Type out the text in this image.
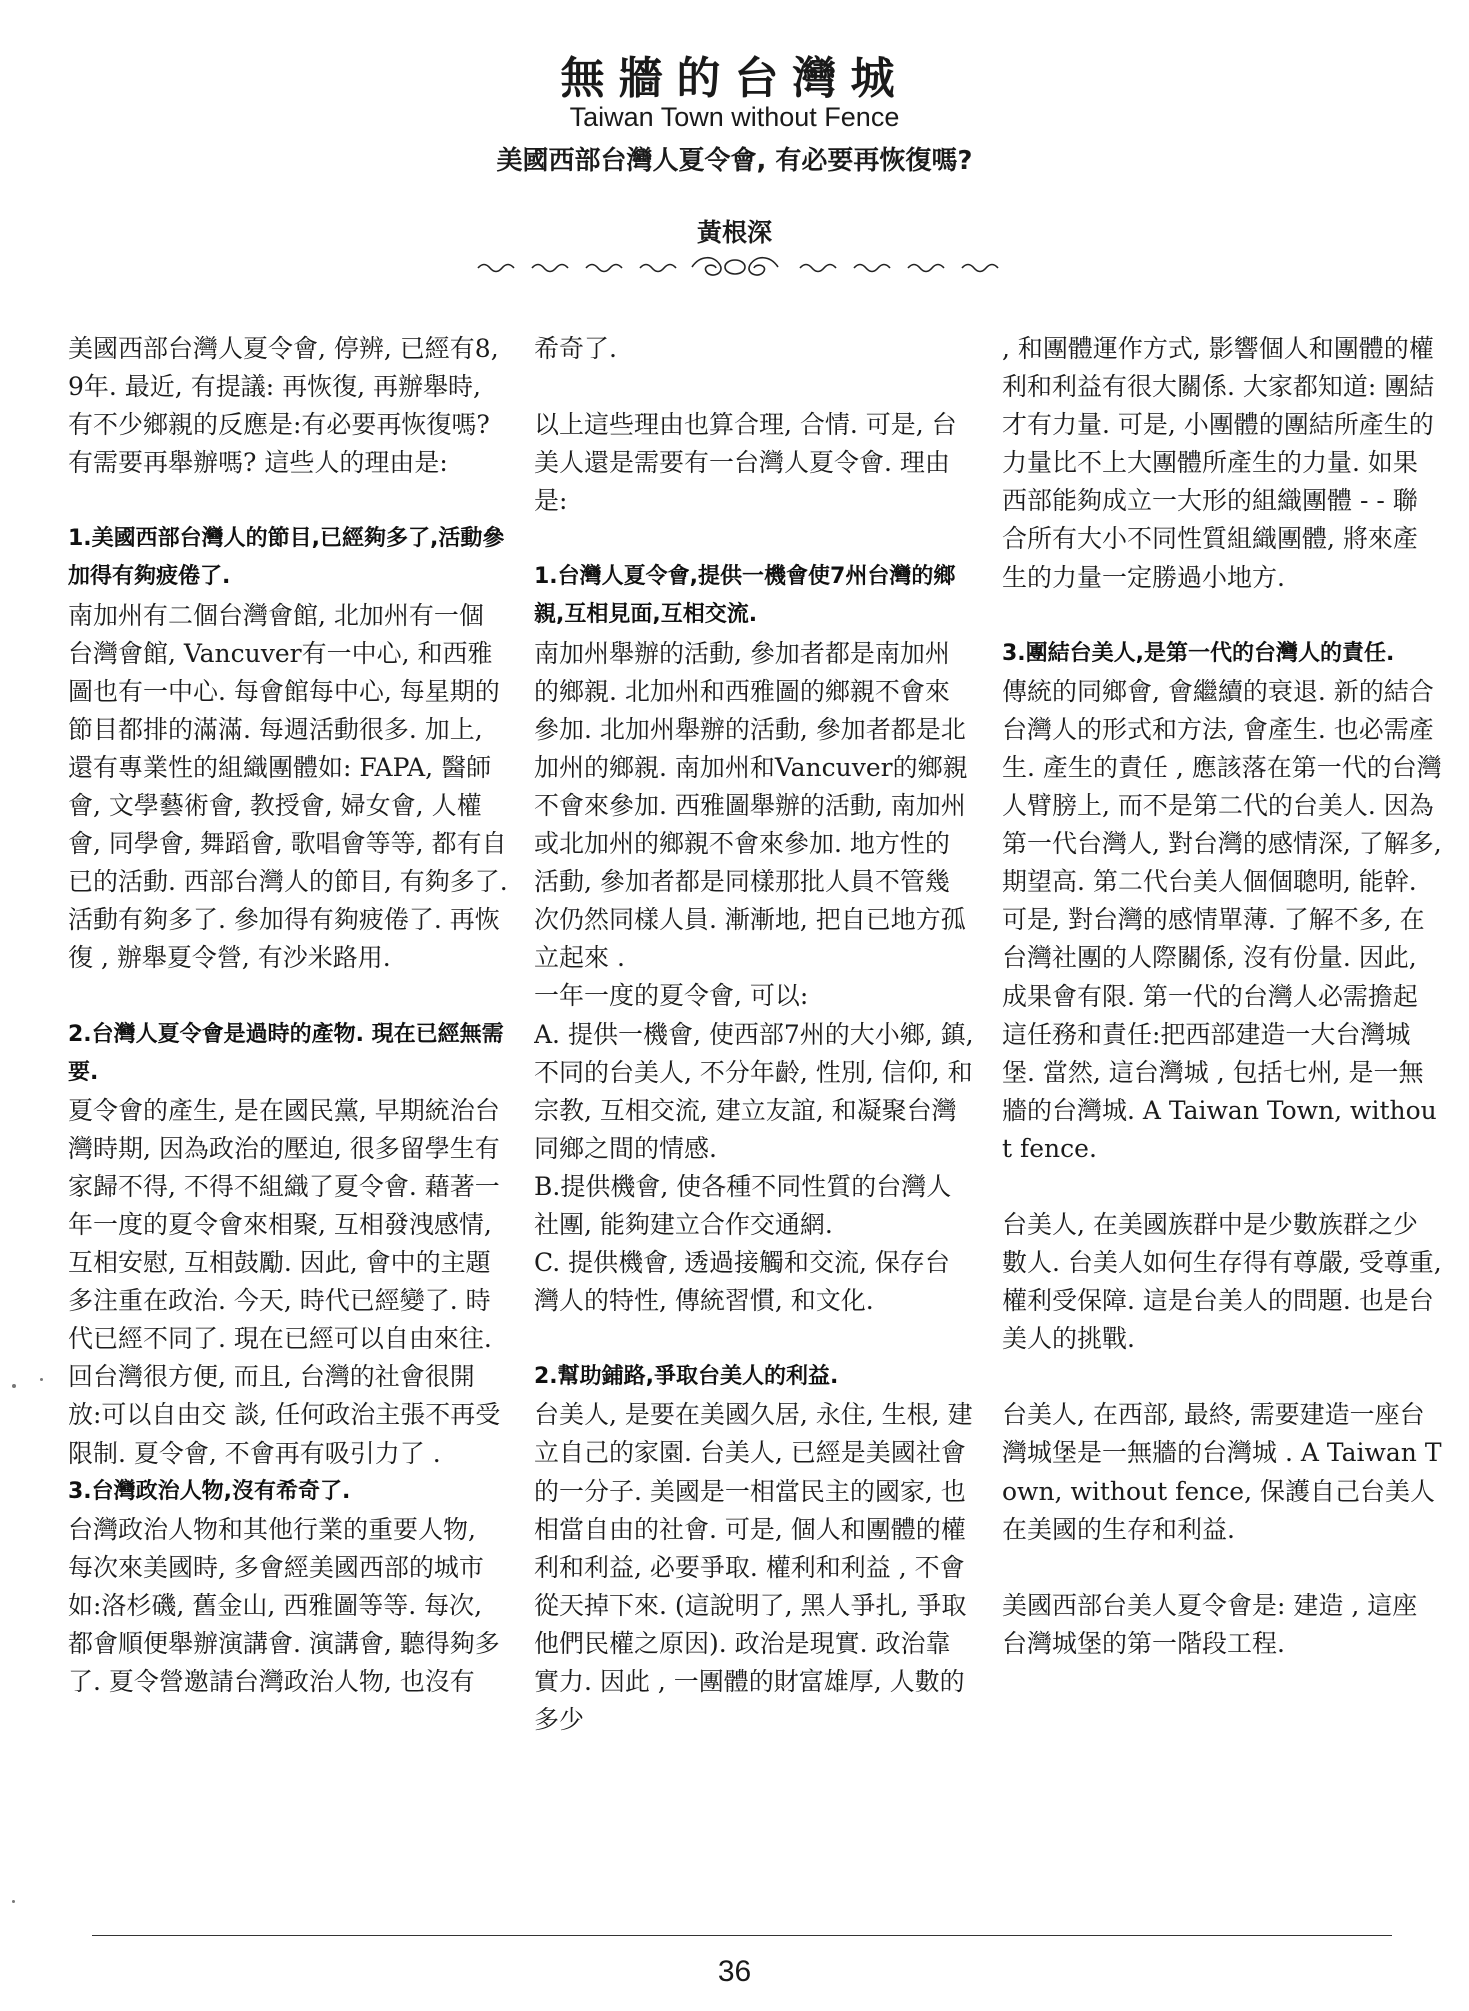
無牆的台灣城
Taiwan Town without Fence
美國西部台灣人夏令會, 有必要再恢復嗎?
黃根深

美國西部台灣人夏令會, 停辨, 已經有8, 9年. 最近, 有提議: 再恢復, 再辦舉時, 有不少鄉親的反應是:有必要再恢復嗎? 有需要再舉辦嗎? 這些人的理由是:

1.美國西部台灣人的節目,已經夠多了,活動參加得有夠疲倦了.

南加州有二個台灣會館, 北加州有一個台灣會館, Vancuver有一中心, 和西雅圖也有一中心. 每會館每中心, 每星期的節目都排的滿滿. 每週活動很多. 加上, 還有專業性的組織團體如: FAPA, 醫師會, 文學藝術會, 教授會, 婦女會, 人權會, 同學會, 舞蹈會, 歌唱會等等, 都有自已的活動. 西部台灣人的節目, 有夠多了. 活動有夠多了. 參加得有夠疲倦了. 再恢復 , 辦舉夏令營, 有沙米路用.

2.台灣人夏令會是過時的產物. 現在已經無需要.

夏令會的產生, 是在國民黨, 早期統治台灣時期, 因為政治的壓迫, 很多留學生有家歸不得, 不得不組織了夏令會. 藉著一年一度的夏令會來相聚, 互相發洩感情, 互相安慰, 互相鼓勵. 因此, 會中的主題多注重在政治. 今天, 時代已經變了. 時代已經不同了. 現在已經可以自由來往. 回台灣很方便, 而且, 台灣的社會很開放:可以自由交 談, 任何政治主張不再受限制. 夏令會, 不會再有吸引力了 .

3.台灣政治人物,沒有希奇了.

台灣政治人物和其他行業的重要人物, 每次來美國時, 多會經美國西部的城市如:洛杉磯, 舊金山, 西雅圖等等. 每次, 都會順便舉辦演講會. 演講會, 聽得夠多了. 夏令營邀請台灣政治人物, 也沒有

希奇了.

以上這些理由也算合理, 合情. 可是, 台美人還是需要有一台灣人夏令會. 理由是:

1.台灣人夏令會,提供一機會使7州台灣的鄉親,互相見面,互相交流.

南加州舉辦的活動, 參加者都是南加州的鄉親. 北加州和西雅圖的鄉親不會來參加. 北加州舉辦的活動, 參加者都是北加州的鄉親. 南加州和Vancuver的鄉親不會來參加. 西雅圖舉辦的活動, 南加州或北加州的鄉親不會來參加. 地方性的活動, 參加者都是同樣那批人員不管幾次仍然同樣人員. 漸漸地, 把自已地方孤立起來 .

一年一度的夏令會, 可以:

A. 提供一機會, 使西部7州的大小鄉, 鎮, 不同的台美人, 不分年齡, 性別, 信仰, 和宗教, 互相交流, 建立友誼, 和凝聚台灣同鄉之間的情感.

B.提供機會, 使各種不同性質的台灣人社團, 能夠建立合作交通網.

C. 提供機會, 透過接觸和交流, 保存台灣人的特性, 傳統習慣, 和文化.

2.幫助鋪路,爭取台美人的利益.

台美人, 是要在美國久居, 永住, 生根, 建立自己的家園. 台美人, 已經是美國社會的一分子. 美國是一相當民主的國家, 也相當自由的社會. 可是, 個人和團體的權利和利益, 必要爭取. 權利和利益 , 不會從天掉下來. (這說明了, 黑人爭扎, 爭取他們民權之原因). 政治是現實. 政治靠實力. 因此 , 一團體的財富雄厚, 人數的多少

, 和團體運作方式, 影響個人和團體的權利和利益有很大關係. 大家都知道: 團結才有力量. 可是, 小團體的團結所產生的力量比不上大團體所產生的力量. 如果西部能夠成立一大形的組織團體 - - 聯合所有大小不同性質組織團體, 將來產生的力量一定勝過小地方.

3.團結台美人,是第一代的台灣人的責任.

傳統的同鄉會, 會繼續的衰退. 新的結合台灣人的形式和方法, 會產生. 也必需產生. 產生的責任 , 應該落在第一代的台灣人臂膀上, 而不是第二代的台美人. 因為第一代台灣人, 對台灣的感情深, 了解多, 期望高. 第二代台美人個個聰明, 能幹. 可是, 對台灣的感情單薄. 了解不多, 在台灣社團的人際關係, 沒有份量. 因此, 成果會有限. 第一代的台灣人必需擔起這任務和責任:把西部建造一大台灣城堡. 當然, 這台灣城 , 包括七州, 是一無牆的台灣城. A Taiwan Town, without fence.

台美人, 在美國族群中是少數族群之少數人. 台美人如何生存得有尊嚴, 受尊重, 權利受保障. 這是台美人的問題. 也是台美人的挑戰.

台美人, 在西部, 最終, 需要建造一座台灣城堡是一無牆的台灣城 . A Taiwan Town, without fence, 保護自己台美人在美國的生存和利益.

美國西部台美人夏令會是: 建造 , 這座台灣城堡的第一階段工程.

36
